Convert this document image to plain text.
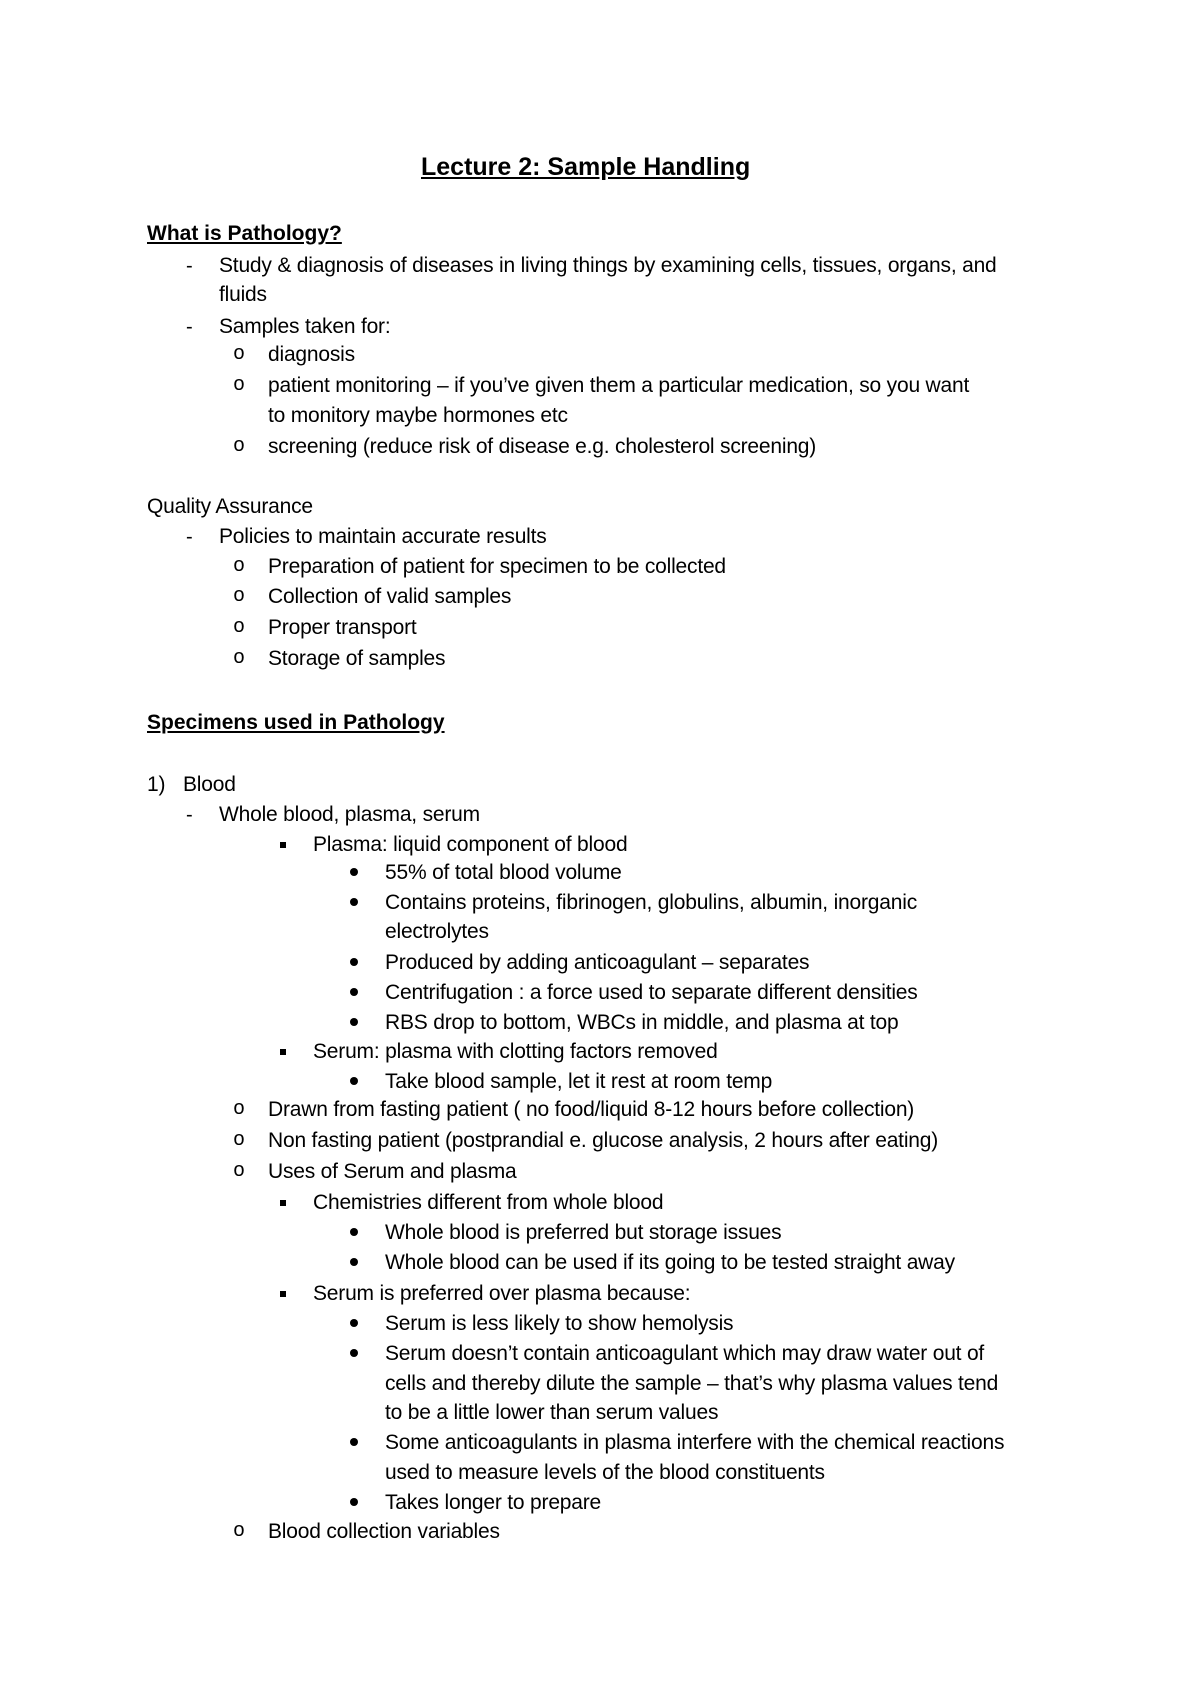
Lecture 2: Sample Handling
What is Pathology?
- Study & diagnosis of diseases in living things by examining cells, tissues, organs, and
fluids
- Samples taken for:
o diagnosis
o patient monitoring – if you’ve given them a particular medication, so you want
to monitory maybe hormones etc
o screening (reduce risk of disease e.g. cholesterol screening)
Quality Assurance
- Policies to maintain accurate results
o Preparation of patient for specimen to be collected
o Collection of valid samples
o Proper transport
o Storage of samples
Specimens used in Pathology
1) Blood
- Whole blood, plasma, serum
Plasma: liquid component of blood
55% of total blood volume
Contains proteins, fibrinogen, globulins, albumin, inorganic
electrolytes
Produced by adding anticoagulant – separates
Centrifugation : a force used to separate different densities
RBS drop to bottom, WBCs in middle, and plasma at top
Serum: plasma with clotting factors removed
Take blood sample, let it rest at room temp
o Drawn from fasting patient ( no food/liquid 8-12 hours before collection)
o Non fasting patient (postprandial e. glucose analysis, 2 hours after eating)
o Uses of Serum and plasma
Chemistries different from whole blood
Whole blood is preferred but storage issues
Whole blood can be used if its going to be tested straight away
Serum is preferred over plasma because:
Serum is less likely to show hemolysis
Serum doesn’t contain anticoagulant which may draw water out of
cells and thereby dilute the sample – that’s why plasma values tend
to be a little lower than serum values
Some anticoagulants in plasma interfere with the chemical reactions
used to measure levels of the blood constituents
Takes longer to prepare
o Blood collection variables
